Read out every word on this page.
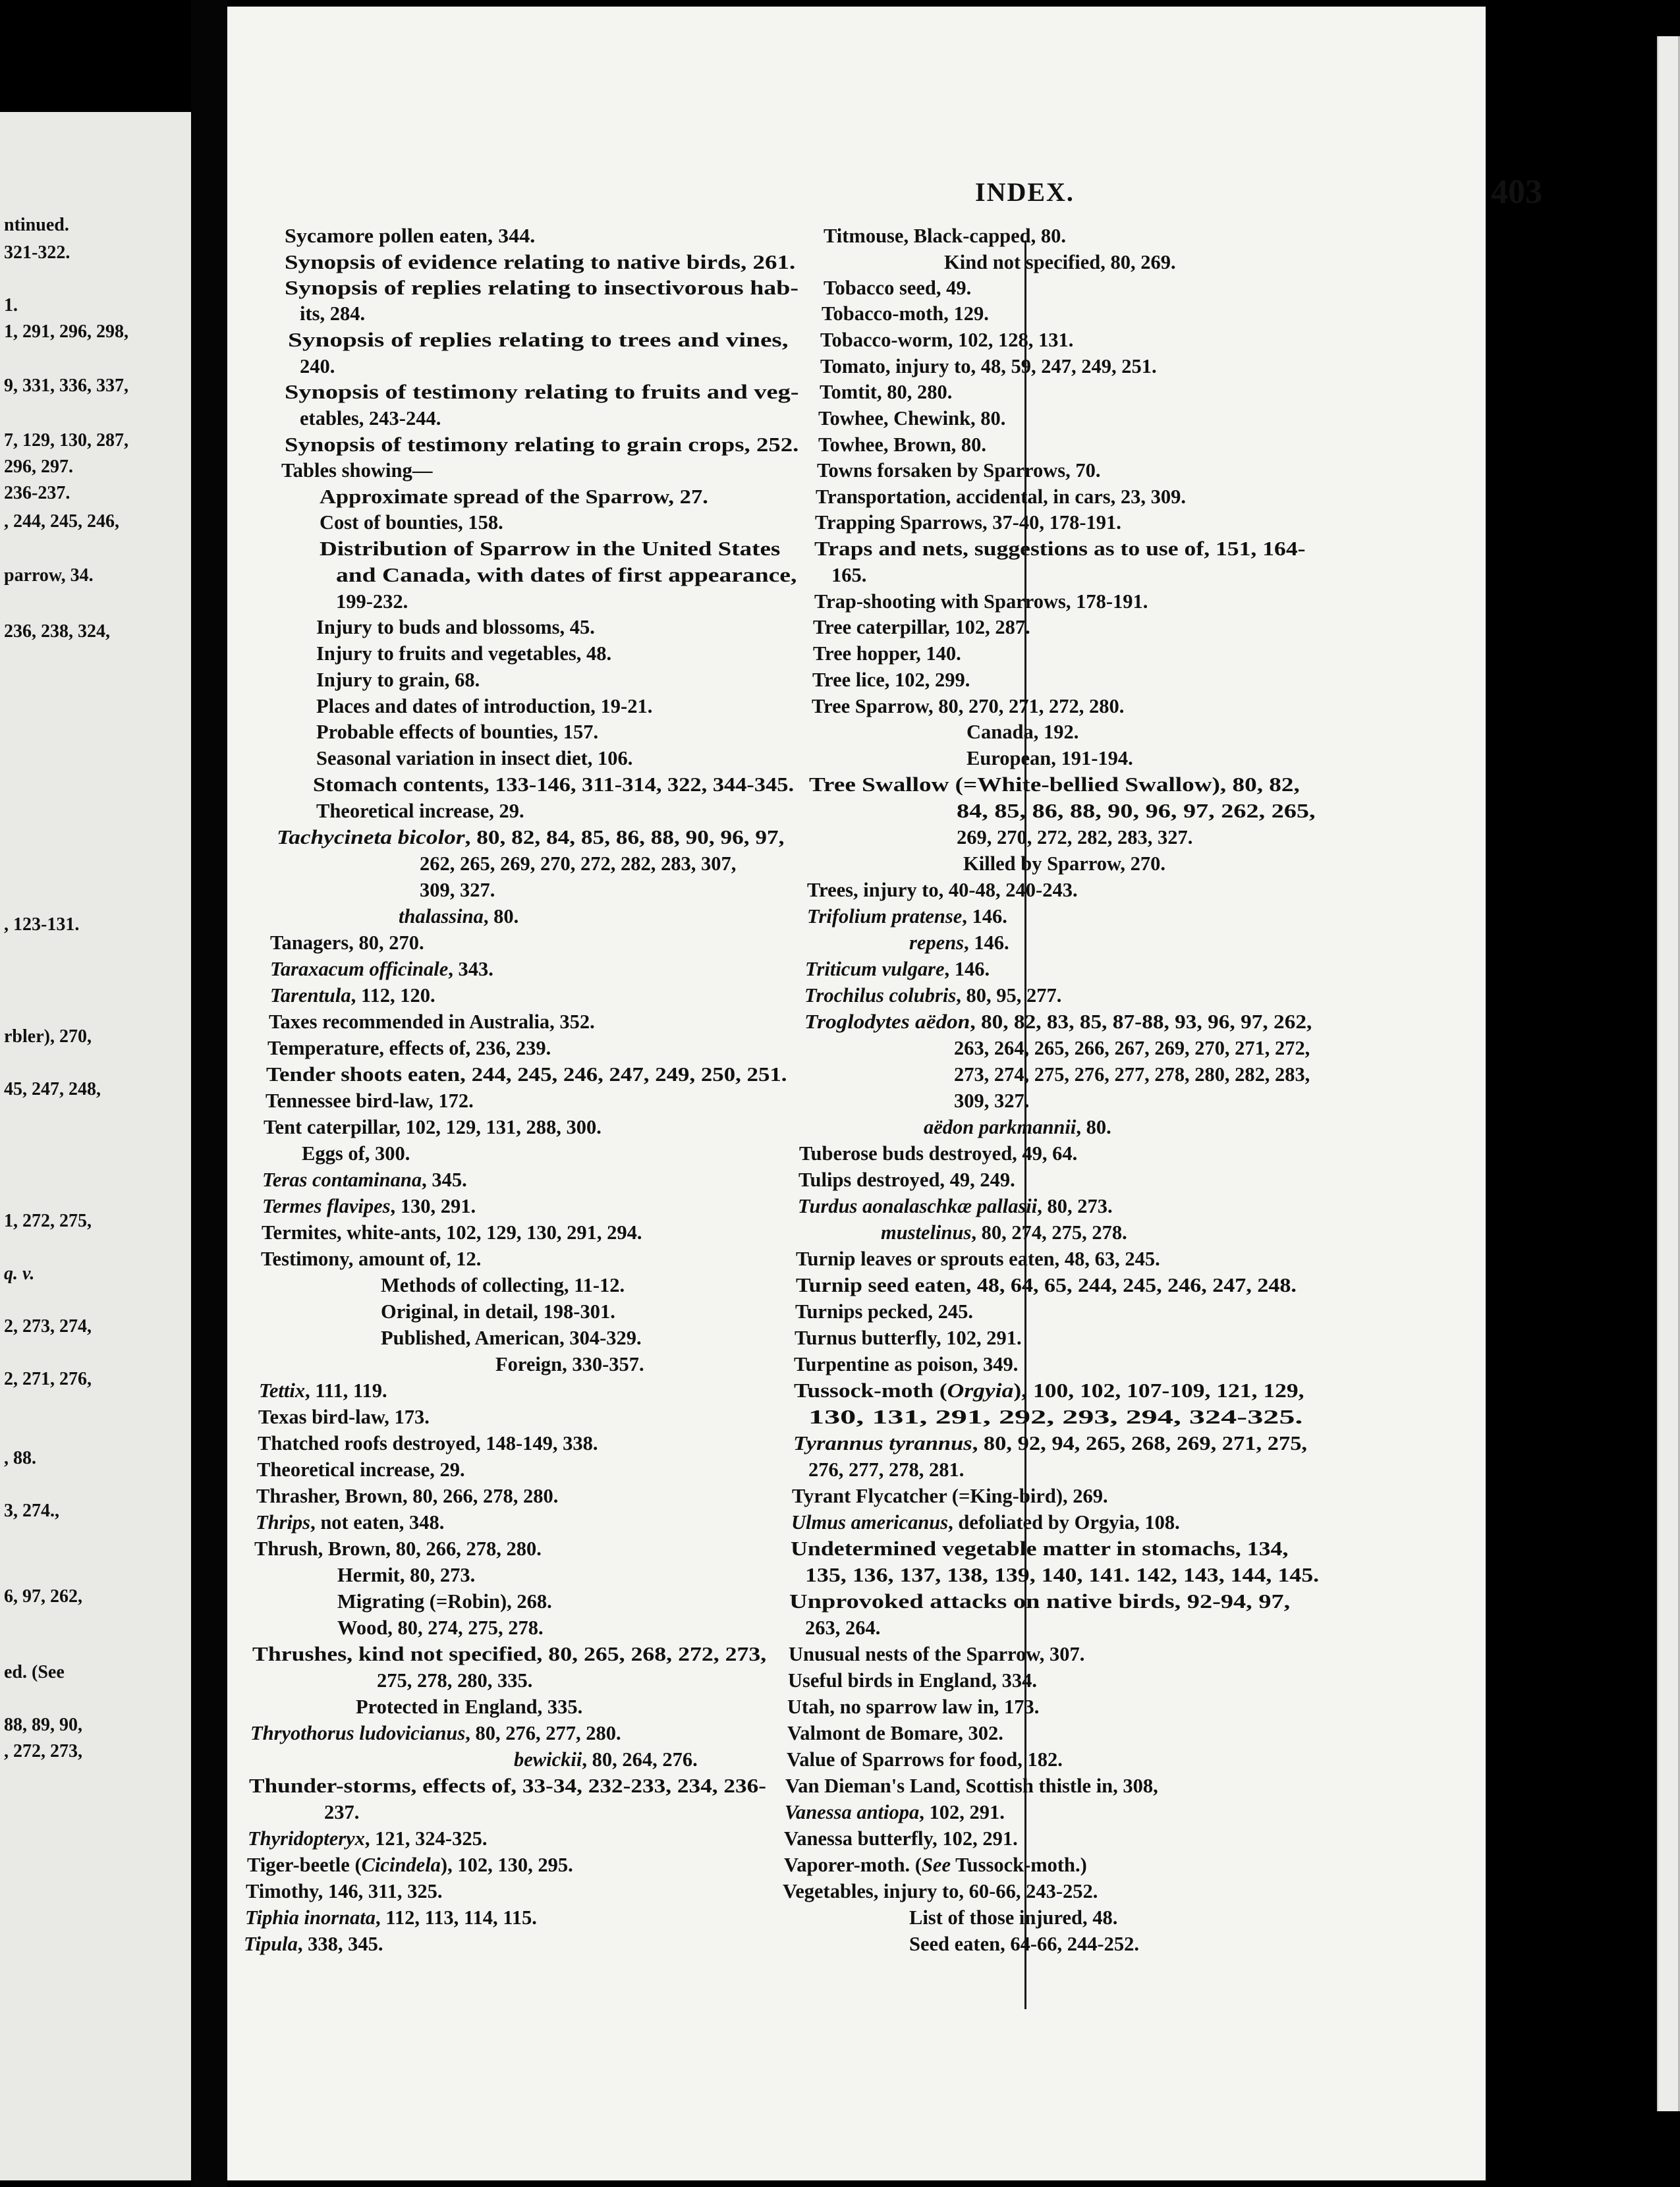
ntinued.
321-322.
1.
1, 291, 296, 298,
9, 331, 336, 337,
7, 129, 130, 287,
296, 297.
236-237.
, 244, 245, 246,
parrow, 34.
236, 238, 324,
, 123-131.
rbler), 270,
45, 247, 248,
1, 272, 275,
q. v.
2, 273, 274,
2, 271, 276,
, 88.
3, 274.,
6, 97, 262,
ed. (See
88, 89, 90,
, 272, 273,
INDEX.	403
Sycamore pollen eaten, 344.
Synopsis of evidence relating to native birds, 261.
Synopsis of replies relating to insectivorous hab-
its, 284.
Synopsis of replies relating to trees and vines,
240.
Synopsis of testimony relating to fruits and veg-
etables, 243-244.
Synopsis of testimony relating to grain crops, 252.
Tables showing—
Approximate spread of the Sparrow, 27.
Cost of bounties, 158.
Distribution of Sparrow in the United States
and Canada, with dates of first appearance,
199-232.
Injury to buds and blossoms, 45.
Injury to fruits and vegetables, 48.
Injury to grain, 68.
Places and dates of introduction, 19-21.
Probable effects of bounties, 157.
Seasonal variation in insect diet, 106.
Stomach contents, 133-146, 311-314, 322, 344-345.
Theoretical increase, 29.
Tachycineta bicolor, 80, 82, 84, 85, 86, 88, 90, 96, 97,
262, 265, 269, 270, 272, 282, 283, 307,
309, 327.
thalassina, 80.
Tanagers, 80, 270.
Taraxacum officinale, 343.
Tarentula, 112, 120.
Taxes recommended in Australia, 352.
Temperature, effects of, 236, 239.
Tender shoots eaten, 244, 245, 246, 247, 249, 250, 251.
Tennessee bird-law, 172.
Tent caterpillar, 102, 129, 131, 288, 300.
Eggs of, 300.
Teras contaminana, 345.
Termes flavipes, 130, 291.
Termites, white-ants, 102, 129, 130, 291, 294.
Testimony, amount of, 12.
Methods of collecting, 11-12.
Original, in detail, 198-301.
Published, American, 304-329.
Foreign, 330-357.
Tettix, 111, 119.
Texas bird-law, 173.
Thatched roofs destroyed, 148-149, 338.
Theoretical increase, 29.
Thrasher, Brown, 80, 266, 278, 280.
Thrips, not eaten, 348.
Thrush, Brown, 80, 266, 278, 280.
Hermit, 80, 273.
Migrating (=Robin), 268.
Wood, 80, 274, 275, 278.
Thrushes, kind not specified, 80, 265, 268, 272, 273,
275, 278, 280, 335.
Protected in England, 335.
Thryothorus ludovicianus, 80, 276, 277, 280.
bewickii, 80, 264, 276.
Thunder-storms, effects of, 33-34, 232-233, 234, 236-
237.
Thyridopteryx, 121, 324-325.
Tiger-beetle (Cicindela), 102, 130, 295.
Timothy, 146, 311, 325.
Tiphia inornata, 112, 113, 114, 115.
Tipula, 338, 345.
Titmouse, Black-capped, 80.
Kind not specified, 80, 269.
Tobacco seed, 49.
Tobacco-moth, 129.
Tobacco-worm, 102, 128, 131.
Tomato, injury to, 48, 59, 247, 249, 251.
Tomtit, 80, 280.
Towhee, Chewink, 80.
Towhee, Brown, 80.
Towns forsaken by Sparrows, 70.
Transportation, accidental, in cars, 23, 309.
Trapping Sparrows, 37-40, 178-191.
Traps and nets, suggestions as to use of, 151, 164-
165.
Trap-shooting with Sparrows, 178-191.
Tree caterpillar, 102, 287.
Tree hopper, 140.
Tree lice, 102, 299.
Tree Sparrow, 80, 270, 271, 272, 280.
Canada, 192.
European, 191-194.
Tree Swallow (=White-bellied Swallow), 80, 82,
84, 85, 86, 88, 90, 96, 97, 262, 265,
269, 270, 272, 282, 283, 327.
Killed by Sparrow, 270.
Trees, injury to, 40-48, 240-243.
Trifolium pratense, 146.
repens, 146.
Triticum vulgare, 146.
Trochilus colubris, 80, 95, 277.
Troglodytes aëdon, 80, 82, 83, 85, 87-88, 93, 96, 97, 262,
263, 264, 265, 266, 267, 269, 270, 271, 272,
273, 274, 275, 276, 277, 278, 280, 282, 283,
309, 327.
aëdon parkmannii, 80.
Tuberose buds destroyed, 49, 64.
Tulips destroyed, 49, 249.
Turdus aonalaschkæ pallasii, 80, 273.
mustelinus, 80, 274, 275, 278.
Turnip leaves or sprouts eaten, 48, 63, 245.
Turnip seed eaten, 48, 64, 65, 244, 245, 246, 247, 248.
Turnips pecked, 245.
Turnus butterfly, 102, 291.
Turpentine as poison, 349.
Tussock-moth (Orgyia), 100, 102, 107-109, 121, 129,
130, 131, 291, 292, 293, 294, 324-325.
Tyrannus tyrannus, 80, 92, 94, 265, 268, 269, 271, 275,
276, 277, 278, 281.
Tyrant Flycatcher (=King-bird), 269.
Ulmus americanus, defoliated by Orgyia, 108.
Undetermined vegetable matter in stomachs, 134,
135, 136, 137, 138, 139, 140, 141. 142, 143, 144, 145.
Unprovoked attacks on native birds, 92-94, 97,
263, 264.
Unusual nests of the Sparrow, 307.
Useful birds in England, 334.
Utah, no sparrow law in, 173.
Valmont de Bomare, 302.
Value of Sparrows for food, 182.
Van Dieman's Land, Scottish thistle in, 308,
Vanessa antiopa, 102, 291.
Vanessa butterfly, 102, 291.
Vaporer-moth. (See Tussock-moth.)
Vegetables, injury to, 60-66, 243-252.
List of those injured, 48.
Seed eaten, 64-66, 244-252.
